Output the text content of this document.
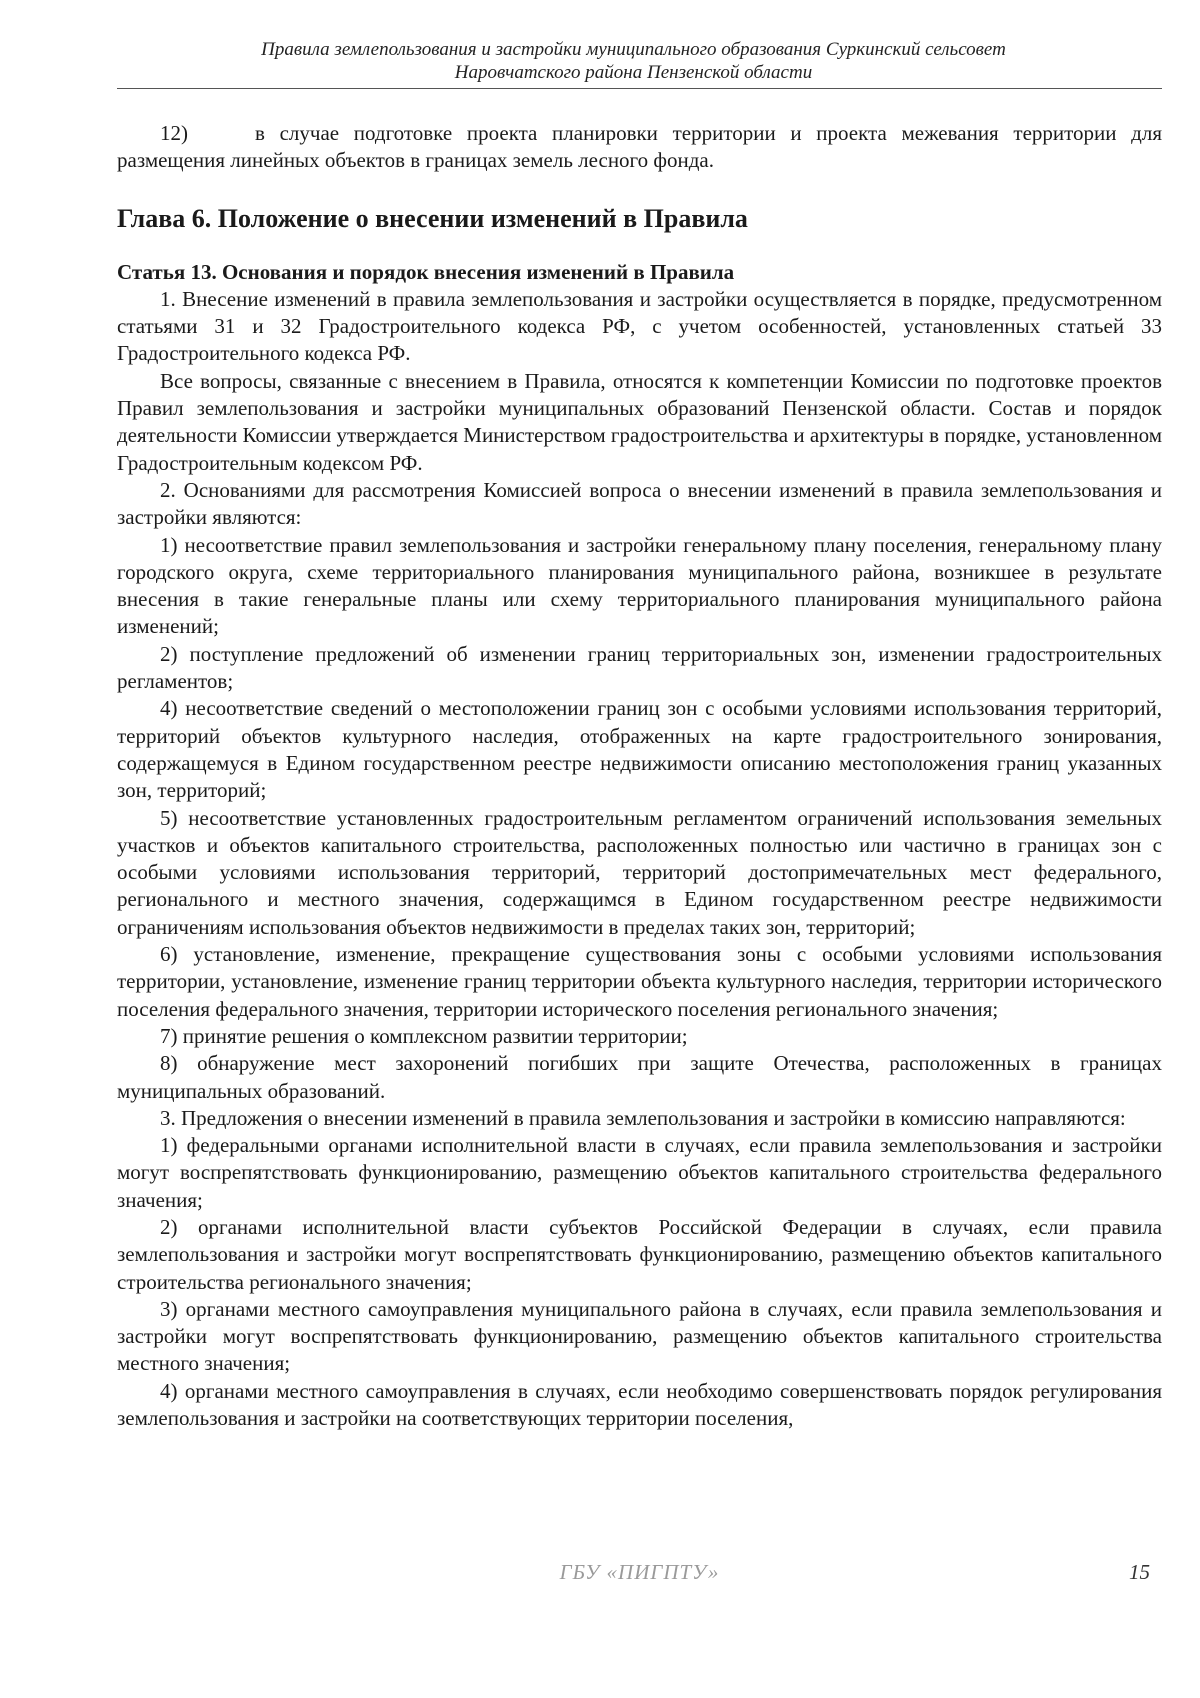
Правила землепользования и застройки муниципального образования Суркинский сельсовет
Наровчатского района Пензенской области

12)	в случае подготовке проекта планировки территории и проекта межевания территории для размещения линейных объектов в границах земель лесного фонда.

Глава 6. Положение о внесении изменений в Правила

Статья 13. Основания и порядок внесения изменений в Правила

1. Внесение изменений в правила землепользования и застройки осуществляется в порядке, предусмотренном статьями 31 и 32 Градостроительного кодекса РФ, с учетом особенностей, установленных статьей 33 Градостроительного кодекса РФ.

Все вопросы, связанные с внесением в Правила, относятся к компетенции Комиссии по подготовке проектов Правил землепользования и застройки муниципальных образований Пензенской области. Состав и порядок деятельности Комиссии утверждается Министерством градостроительства и архитектуры в порядке, установленном Градостроительным кодексом РФ.

2. Основаниями для рассмотрения Комиссией вопроса о внесении изменений в правила землепользования и застройки являются:

1) несоответствие правил землепользования и застройки генеральному плану поселения, генеральному плану городского округа, схеме территориального планирования муниципального района, возникшее в результате внесения в такие генеральные планы или схему территориального планирования муниципального района изменений;

2) поступление предложений об изменении границ территориальных зон, изменении градостроительных регламентов;

4) несоответствие сведений о местоположении границ зон с особыми условиями использования территорий, территорий объектов культурного наследия, отображенных на карте градостроительного зонирования, содержащемуся в Едином государственном реестре недвижимости описанию местоположения границ указанных зон, территорий;

5) несоответствие установленных градостроительным регламентом ограничений использования земельных участков и объектов капитального строительства, расположенных полностью или частично в границах зон с особыми условиями использования территорий, территорий достопримечательных мест федерального, регионального и местного значения, содержащимся в Едином государственном реестре недвижимости ограничениям использования объектов недвижимости в пределах таких зон, территорий;

6) установление, изменение, прекращение существования зоны с особыми условиями использования территории, установление, изменение границ территории объекта культурного наследия, территории исторического поселения федерального значения, территории исторического поселения регионального значения;

7) принятие решения о комплексном развитии территории;

8) обнаружение мест захоронений погибших при защите Отечества, расположенных в границах муниципальных образований.

3. Предложения о внесении изменений в правила землепользования и застройки в комиссию направляются:

1) федеральными органами исполнительной власти в случаях, если правила землепользования и застройки могут воспрепятствовать функционированию, размещению объектов капитального строительства федерального значения;

2) органами исполнительной власти субъектов Российской Федерации в случаях, если правила землепользования и застройки могут воспрепятствовать функционированию, размещению объектов капитального строительства регионального значения;

3) органами местного самоуправления муниципального района в случаях, если правила землепользования и застройки могут воспрепятствовать функционированию, размещению объектов капитального строительства местного значения;

4) органами местного самоуправления в случаях, если необходимо совершенствовать порядок регулирования землепользования и застройки на соответствующих территории поселения,

ГБУ «ПИГПТУ»	15
